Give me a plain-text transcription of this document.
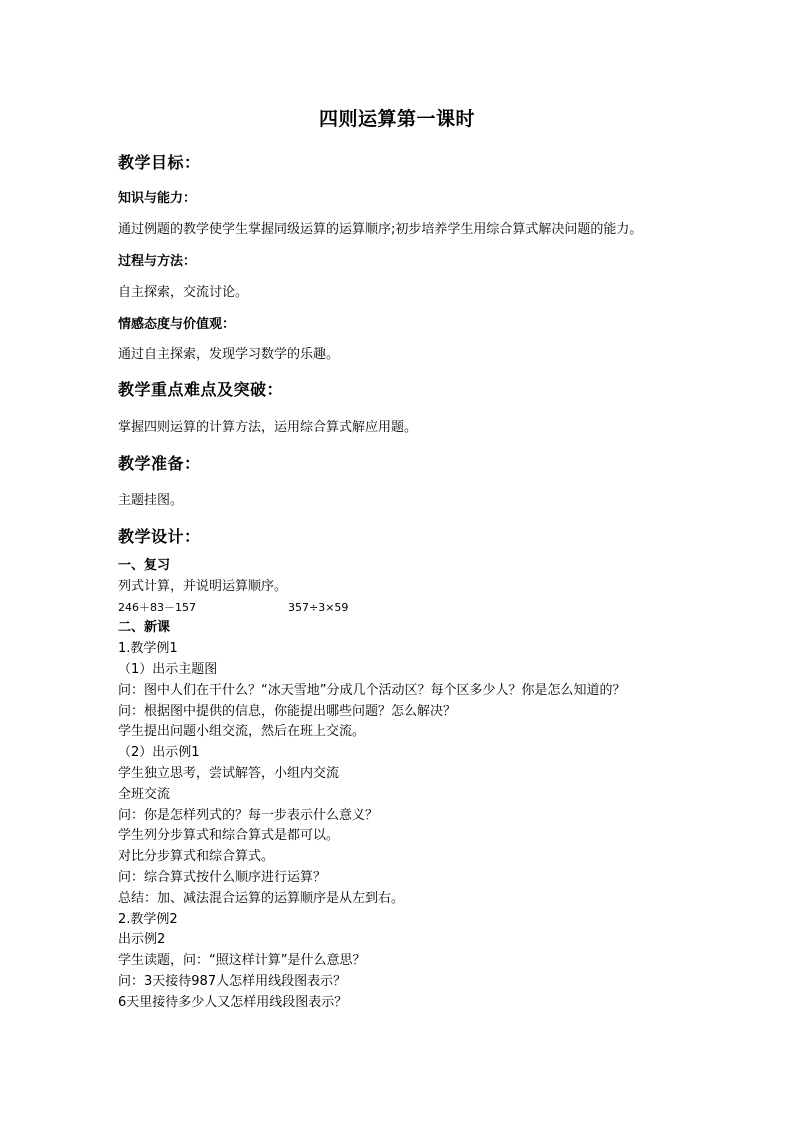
四则运算第一课时
教学目标：
知识与能力：
通过例题的教学使学生掌握同级运算的运算顺序;初步培养学生用综合算式解决问题的能力。
过程与方法：
自主探索，交流讨论。
情感态度与价值观：
通过自主探索，发现学习数学的乐趣。
教学重点难点及突破：
掌握四则运算的计算方法，运用综合算式解应用题。
教学准备：
主题挂图。
教学设计：
一、复习
列式计算，并说明运算顺序。
246＋83－157	357÷3×59
二、新课
1.教学例1
（1）出示主题图
问：图中人们在干什么？“冰天雪地”分成几个活动区？每个区多少人？你是怎么知道的？
问：根据图中提供的信息，你能提出哪些问题？怎么解决？
学生提出问题小组交流，然后在班上交流。
（2）出示例1
学生独立思考，尝试解答，小组内交流
全班交流
问：你是怎样列式的？每一步表示什么意义？
学生列分步算式和综合算式是都可以。
对比分步算式和综合算式。
问：综合算式按什么顺序进行运算？
总结：加、减法混合运算的运算顺序是从左到右。
2.教学例2
出示例2
学生读题，问：“照这样计算”是什么意思？
问：3天接待987人怎样用线段图表示？
6天里接待多少人又怎样用线段图表示？
